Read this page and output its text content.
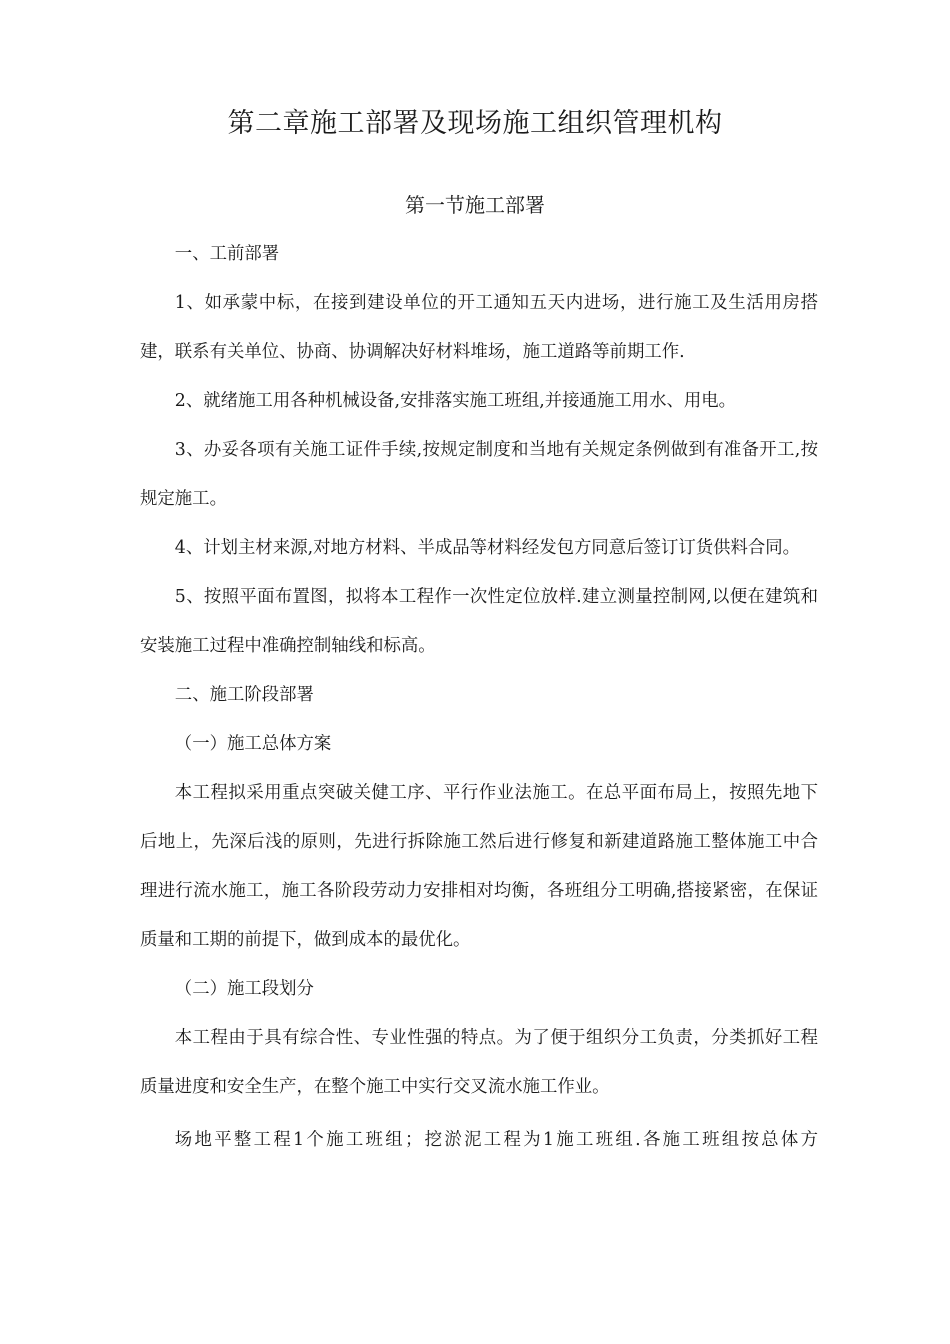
第二章施工部署及现场施工组织管理机构
第一节施工部署

一、工前部署

1、如承蒙中标，在接到建设单位的开工通知五天内进场，进行施工及生活用房搭建，联系有关单位、协商、协调解决好材料堆场，施工道路等前期工作.

2、就绪施工用各种机械设备,安排落实施工班组,并接通施工用水、用电。

3、办妥各项有关施工证件手续,按规定制度和当地有关规定条例做到有准备开工,按规定施工。

4、计划主材来源,对地方材料、半成品等材料经发包方同意后签订订货供料合同。

5、按照平面布置图，拟将本工程作一次性定位放样.建立测量控制网,以便在建筑和安装施工过程中准确控制轴线和标高。

二、施工阶段部署

（一）施工总体方案

本工程拟采用重点突破关健工序、平行作业法施工。在总平面布局上，按照先地下后地上，先深后浅的原则，先进行拆除施工然后进行修复和新建道路施工整体施工中合理进行流水施工，施工各阶段劳动力安排相对均衡，各班组分工明确,搭接紧密，在保证质量和工期的前提下，做到成本的最优化。

（二）施工段划分

本工程由于具有综合性、专业性强的特点。为了便于组织分工负责，分类抓好工程质量进度和安全生产，在整个施工中实行交叉流水施工作业。

场地平整工程1个施工班组；挖淤泥工程为1施工班组.各施工班组按总体方
